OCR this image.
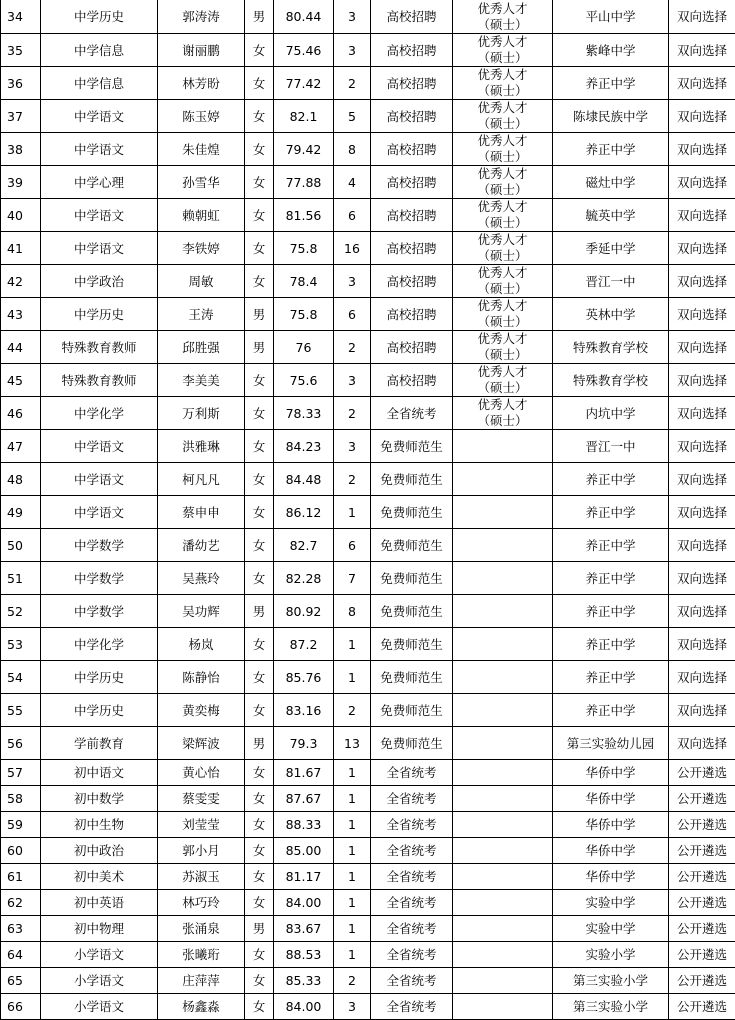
34	中学历史	郭涛涛	男	80.44	3	高校招聘	优秀人才
（硕士）	平山中学	双向选择
35	中学信息	谢丽鹏	女	75.46	3	高校招聘	优秀人才
（硕士）	紫峰中学	双向选择
36	中学信息	林芳盼	女	77.42	2	高校招聘	优秀人才
（硕士）	养正中学	双向选择
37	中学语文	陈玉婷	女	82.1	5	高校招聘	优秀人才
（硕士）	陈埭民族中学	双向选择
38	中学语文	朱佳煌	女	79.42	8	高校招聘	优秀人才
（硕士）	养正中学	双向选择
39	中学心理	孙雪华	女	77.88	4	高校招聘	优秀人才
（硕士）	磁灶中学	双向选择
40	中学语文	赖朝虹	女	81.56	6	高校招聘	优秀人才
（硕士）	毓英中学	双向选择
41	中学语文	李铁婷	女	75.8	16	高校招聘	优秀人才
（硕士）	季延中学	双向选择
42	中学政治	周敏	女	78.4	3	高校招聘	优秀人才
（硕士）	晋江一中	双向选择
43	中学历史	王涛	男	75.8	6	高校招聘	优秀人才
（硕士）	英林中学	双向选择
44	特殊教育教师	邱胜强	男	76	2	高校招聘	优秀人才
（硕士）	特殊教育学校	双向选择
45	特殊教育教师	李美美	女	75.6	3	高校招聘	优秀人才
（硕士）	特殊教育学校	双向选择
46	中学化学	万利斯	女	78.33	2	全省统考	优秀人才
（硕士）	内坑中学	双向选择
47	中学语文	洪雅琳	女	84.23	3	免费师范生		晋江一中	双向选择
48	中学语文	柯凡凡	女	84.48	2	免费师范生		养正中学	双向选择
49	中学语文	蔡申申	女	86.12	1	免费师范生		养正中学	双向选择
50	中学数学	潘幼艺	女	82.7	6	免费师范生		养正中学	双向选择
51	中学数学	吴燕玲	女	82.28	7	免费师范生		养正中学	双向选择
52	中学数学	吴功辉	男	80.92	8	免费师范生		养正中学	双向选择
53	中学化学	杨岚	女	87.2	1	免费师范生		养正中学	双向选择
54	中学历史	陈静怡	女	85.76	1	免费师范生		养正中学	双向选择
55	中学历史	黄奕梅	女	83.16	2	免费师范生		养正中学	双向选择
56	学前教育	梁辉波	男	79.3	13	免费师范生		第三实验幼儿园	双向选择
57	初中语文	黄心怡	女	81.67	1	全省统考		华侨中学	公开遴选
58	初中数学	蔡雯雯	女	87.67	1	全省统考		华侨中学	公开遴选
59	初中生物	刘莹莹	女	88.33	1	全省统考		华侨中学	公开遴选
60	初中政治	郭小月	女	85.00	1	全省统考		华侨中学	公开遴选
61	初中美术	苏淑玉	女	81.17	1	全省统考		华侨中学	公开遴选
62	初中英语	林巧玲	女	84.00	1	全省统考		实验中学	公开遴选
63	初中物理	张涌泉	男	83.67	1	全省统考		实验中学	公开遴选
64	小学语文	张曦珩	女	88.53	1	全省统考		实验小学	公开遴选
65	小学语文	庄萍萍	女	85.33	2	全省统考		第三实验小学	公开遴选
66	小学语文	杨鑫淼	女	84.00	3	全省统考		第三实验小学	公开遴选
